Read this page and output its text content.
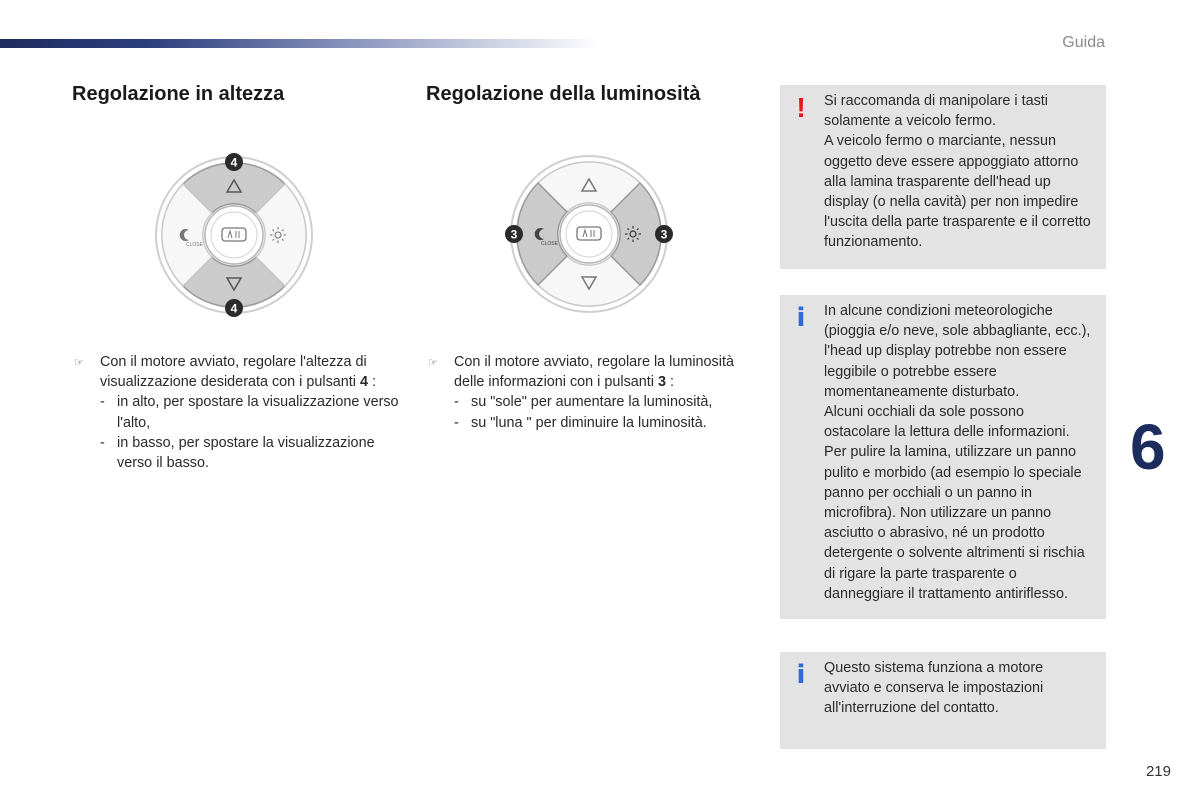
Guida
Regolazione in altezza
CLOSE
4
4
☞ Con il motore avviato, regolare l'altezza di visualizzazione desiderata con i pulsanti 4 :
- in alto, per spostare la visualizzazione verso l'alto,
- in basso, per spostare la visualizzazione verso il basso.
Regolazione della luminosità
CLOSE
3	3
☞ Con il motore avviato, regolare la luminosità delle informazioni con i pulsanti 3 :
- su "sole" per aumentare la luminosità,
- su "luna " per diminuire la luminosità.
! Si raccomanda di manipolare i tasti solamente a veicolo fermo.
A veicolo fermo o marciante, nessun oggetto deve essere appoggiato attorno alla lamina trasparente dell'head up display (o nella cavità) per non impedire l'uscita della parte trasparente e il corretto funzionamento.
i In alcune condizioni meteorologiche (pioggia e/o neve, sole abbagliante, ecc.), l'head up display potrebbe non essere leggibile o potrebbe essere momentaneamente disturbato.
Alcuni occhiali da sole possono ostacolare la lettura delle informazioni.
Per pulire la lamina, utilizzare un panno pulito e morbido (ad esempio lo speciale panno per occhiali o un panno in microfibra). Non utilizzare un panno asciutto o abrasivo, né un prodotto detergente o solvente altrimenti si rischia di rigare la parte trasparente o danneggiare il trattamento antiriflesso.
i Questo sistema funziona a motore avviato e conserva le impostazioni all'interruzione del contatto.
6
219
